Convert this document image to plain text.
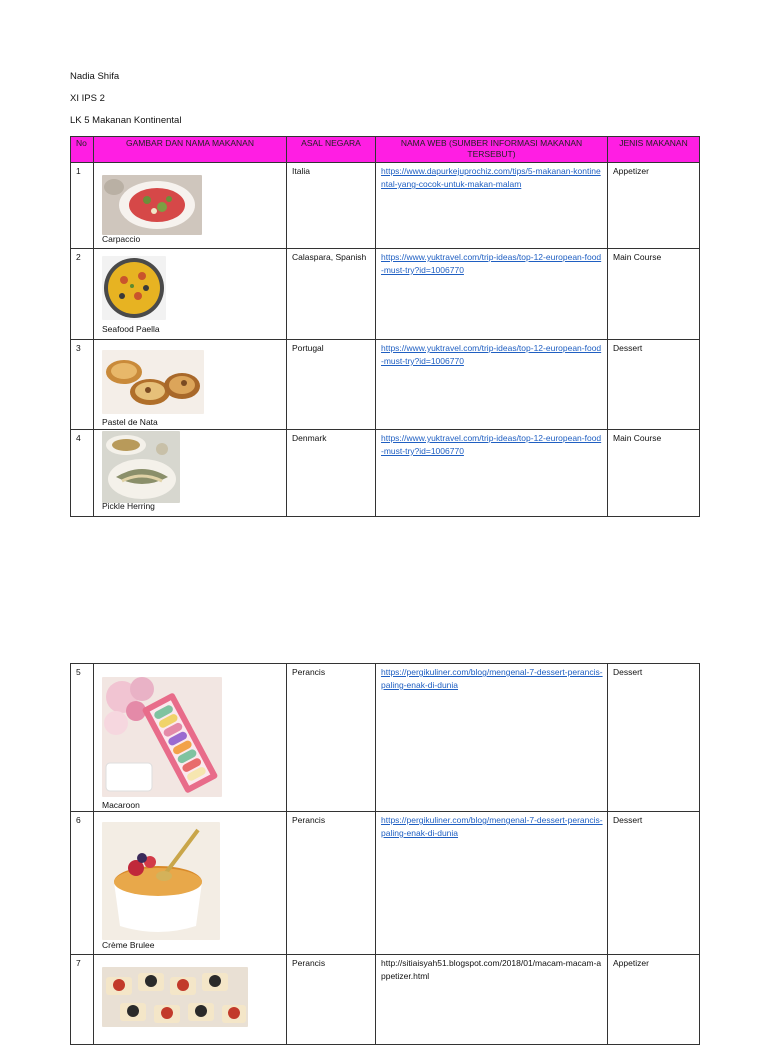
Nadia Shifa
XI IPS 2
LK 5 Makanan Kontinental
No	GAMBAR DAN NAMA MAKANAN	ASAL NEGARA	NAMA WEB (SUMBER INFORMASI MAKANAN TERSEBUT)	JENIS MAKANAN
1	Carpaccio	Italia	https://www.dapurkejuprochiz.com/tips/5-makanan-kontinental-yang-cocok-untuk-makan-malam	Appetizer
2	Seafood Paella	Calaspara, Spanish	https://www.yuktravel.com/trip-ideas/top-12-european-food-must-try?id=1006770	Main Course
3	Pastel de Nata	Portugal	https://www.yuktravel.com/trip-ideas/top-12-european-food-must-try?id=1006770	Dessert
4	Pickle Herring	Denmark	https://www.yuktravel.com/trip-ideas/top-12-european-food-must-try?id=1006770	Main Course
5	Macaroon	Perancis	https://pergikuliner.com/blog/mengenal-7-dessert-perancis-paling-enak-di-dunia	Dessert
6	Crème Brulee	Perancis	https://pergikuliner.com/blog/mengenal-7-dessert-perancis-paling-enak-di-dunia	Dessert
7		Perancis	http://sitiaisyah51.blogspot.com/2018/01/macam-macam-appetizer.html	Appetizer
